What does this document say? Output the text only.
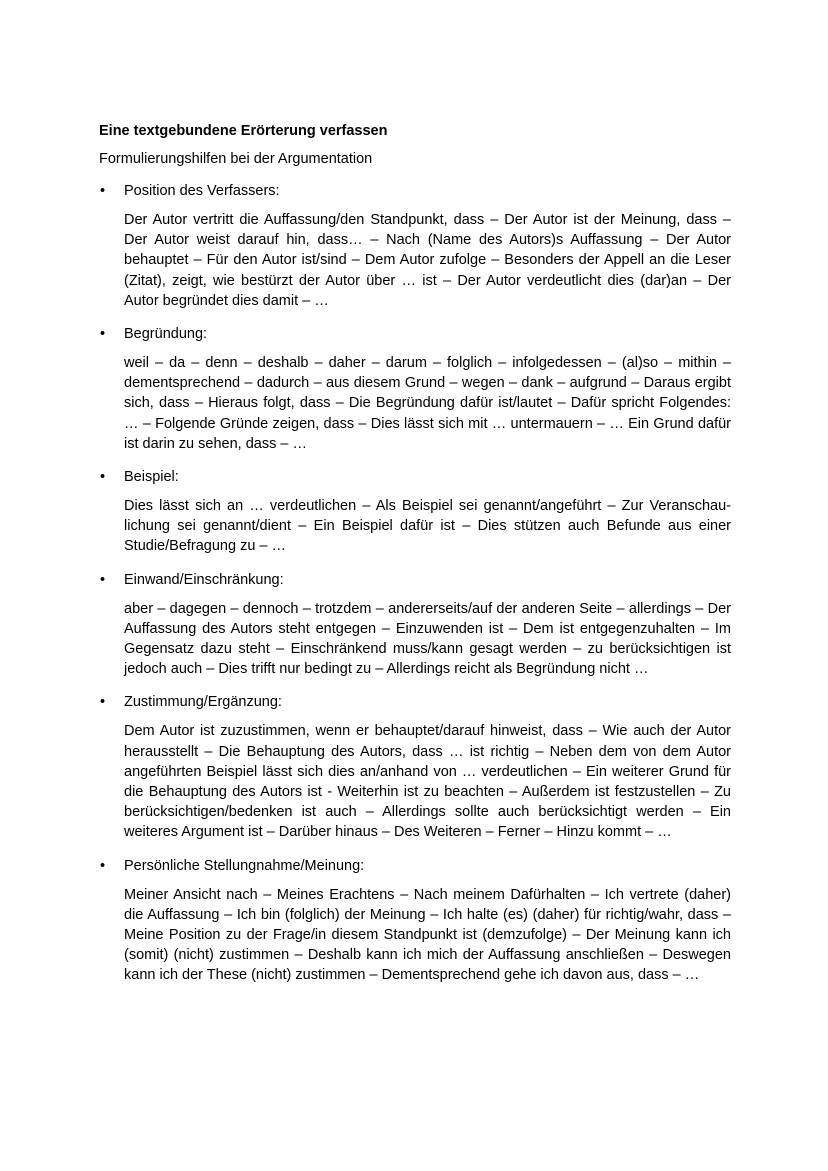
Eine textgebundene Erörterung verfassen
Formulierungshilfen bei der Argumentation
• Position des Verfassers:

Der Autor vertritt die Auffassung/den Standpunkt, dass – Der Autor ist der Meinung, dass – Der Autor weist darauf hin, dass… – Nach (Name des Autors)s Auffassung – Der Autor behauptet – Für den Autor ist/sind – Dem Autor zufolge – Besonders der Appell an die Leser (Zitat), zeigt, wie bestürzt der Autor über … ist – Der Autor verdeutlicht dies (dar)an – Der Autor begründet dies damit – …

• Begründung:

weil – da – denn – deshalb – daher – darum – folglich – infolgedessen – (al)so – mithin – dementsprechend – dadurch – aus diesem Grund – wegen – dank – aufgrund – Daraus ergibt sich, dass – Hieraus folgt, dass – Die Begründung dafür ist/lautet – Dafür spricht Folgendes: … – Folgende Gründe zeigen, dass – Dies lässt sich mit … untermauern – … Ein Grund dafür ist darin zu sehen, dass – …

• Beispiel:

Dies lässt sich an … verdeutlichen – Als Beispiel sei genannt/angeführt – Zur Veranschaulichung sei genannt/dient – Ein Beispiel dafür ist – Dies stützen auch Befunde aus einer Studie/Befragung zu – …

• Einwand/Einschränkung:

aber – dagegen – dennoch – trotzdem – andererseits/auf der anderen Seite – allerdings – Der Auffassung des Autors steht entgegen – Einzuwenden ist – Dem ist entgegenzuhalten – Im Gegensatz dazu steht – Einschränkend muss/kann gesagt werden – zu berücksichtigen ist jedoch auch – Dies trifft nur bedingt zu – Allerdings reicht als Begründung nicht …

• Zustimmung/Ergänzung:

Dem Autor ist zuzustimmen, wenn er behauptet/darauf hinweist, dass – Wie auch der Autor herausstellt – Die Behauptung des Autors, dass … ist richtig – Neben dem von dem Autor angeführten Beispiel lässt sich dies an/anhand von … verdeutlichen – Ein weiterer Grund für die Behauptung des Autors ist - Weiterhin ist zu beachten – Außerdem ist festzustellen – Zu berücksichtigen/bedenken ist auch – Allerdings sollte auch berücksichtigt werden – Ein weiteres Argument ist – Darüber hinaus – Des Weiteren – Ferner – Hinzu kommt – …

• Persönliche Stellungnahme/Meinung:

Meiner Ansicht nach – Meines Erachtens – Nach meinem Dafürhalten – Ich vertrete (daher) die Auffassung – Ich bin (folglich) der Meinung – Ich halte (es) (daher) für richtig/wahr, dass – Meine Position zu der Frage/in diesem Standpunkt ist (demzufolge) – Der Meinung kann ich (somit) (nicht) zustimmen – Deshalb kann ich mich der Auffassung anschließen – Deswegen kann ich der These (nicht) zustimmen – Dementsprechend gehe ich davon aus, dass – …
